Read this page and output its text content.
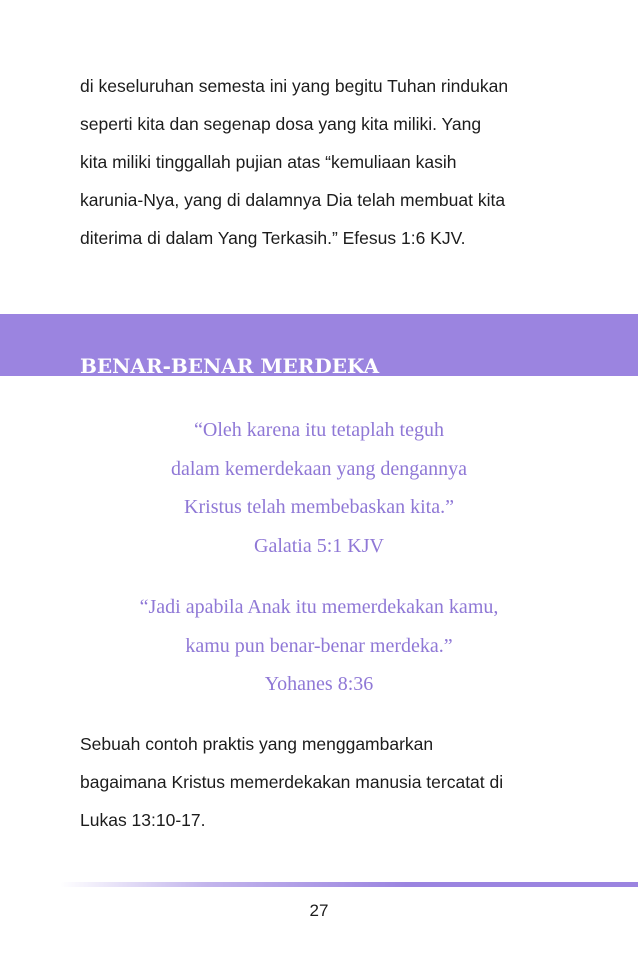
di keseluruhan semesta ini yang begitu Tuhan rindukan
seperti kita dan segenap dosa yang kita miliki. Yang
kita miliki tinggallah pujian atas “kemuliaan kasih
karunia-Nya, yang di dalamnya Dia telah membuat kita
diterima di dalam Yang Terkasih.” Efesus 1:6 KJV.
BENAR-BENAR MERDEKA
“Oleh karena itu tetaplah teguh
dalam kemerdekaan yang dengannya
Kristus telah membebaskan kita.”
Galatia 5:1 KJV
“Jadi apabila Anak itu memerdekakan kamu,
kamu pun benar-benar merdeka.”
Yohanes 8:36
Sebuah contoh praktis yang menggambarkan
bagaimana Kristus memerdekakan manusia tercatat di
Lukas 13:10-17.
27
